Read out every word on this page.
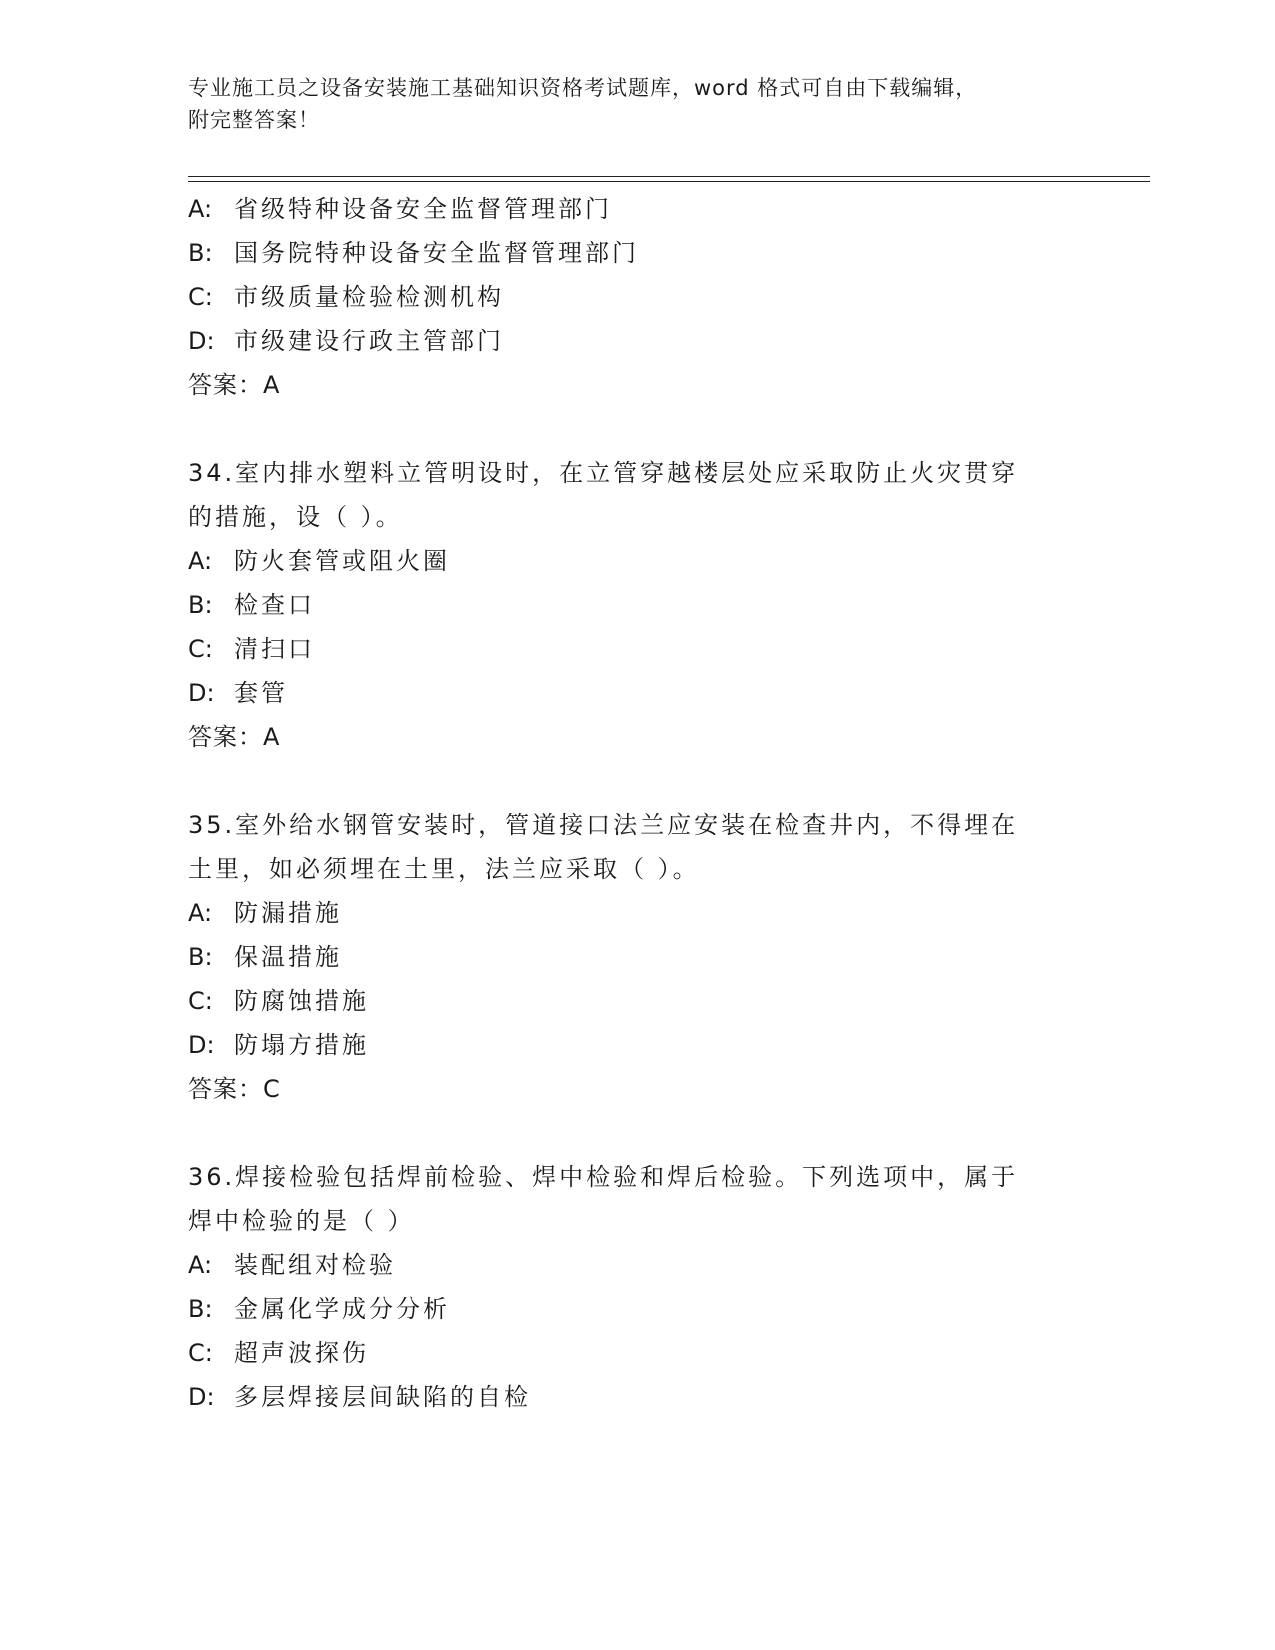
专业施工员之设备安装施工基础知识资格考试题库，word 格式可自由下载编辑，
附完整答案！
A: 省级特种设备安全监督管理部门
B: 国务院特种设备安全监督管理部门
C: 市级质量检验检测机构
D: 市级建设行政主管部门
答案：A
34.室内排水塑料立管明设时，在立管穿越楼层处应采取防止火灾贯穿
的措施，设（ ）。
A: 防火套管或阻火圈
B: 检查口
C: 清扫口
D: 套管
答案：A
35.室外给水钢管安装时，管道接口法兰应安装在检查井内，不得埋在
土里，如必须埋在土里，法兰应采取（ ）。
A: 防漏措施
B: 保温措施
C: 防腐蚀措施
D: 防塌方措施
答案：C
36.焊接检验包括焊前检验、焊中检验和焊后检验。下列选项中，属于
焊中检验的是（ ）
A: 装配组对检验
B: 金属化学成分分析
C: 超声波探伤
D: 多层焊接层间缺陷的自检
